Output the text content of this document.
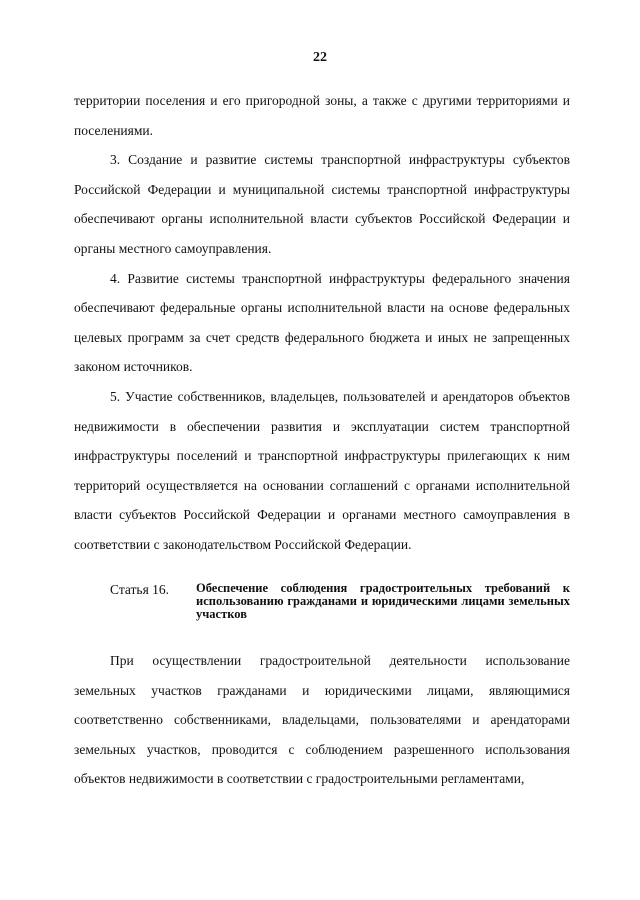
22

территории поселения и его пригородной зоны, а также с другими территориями и поселениями.

3. Создание и развитие системы транспортной инфраструктуры субъектов Российской Федерации и муниципальной системы транспортной инфраструктуры обеспечивают органы исполнительной власти субъектов Российской Федерации и органы местного самоуправления.

4. Развитие системы транспортной инфраструктуры федерального значения обеспечивают федеральные органы исполнительной власти на основе федеральных целевых программ за счет средств федерального бюджета и иных не запрещенных законом источников.

5. Участие собственников, владельцев, пользователей и арендаторов объектов недвижимости в обеспечении развития и эксплуатации систем транспортной инфраструктуры поселений и транспортной инфраструктуры прилегающих к ним территорий осуществляется на основании соглашений с органами исполнительной власти субъектов Российской Федерации и органами местного самоуправления в соответствии с законодательством Российской Федерации.

Статья 16.	Обеспечение соблюдения градостроительных требований к использованию гражданами и юридическими лицами земельных участков

При осуществлении градостроительной деятельности использование земельных участков гражданами и юридическими лицами, являющимися соответственно собственниками, владельцами, пользователями и арендаторами земельных участков, проводится с соблюдением разрешенного использования объектов недвижимости в соответствии с градостроительными регламентами,
